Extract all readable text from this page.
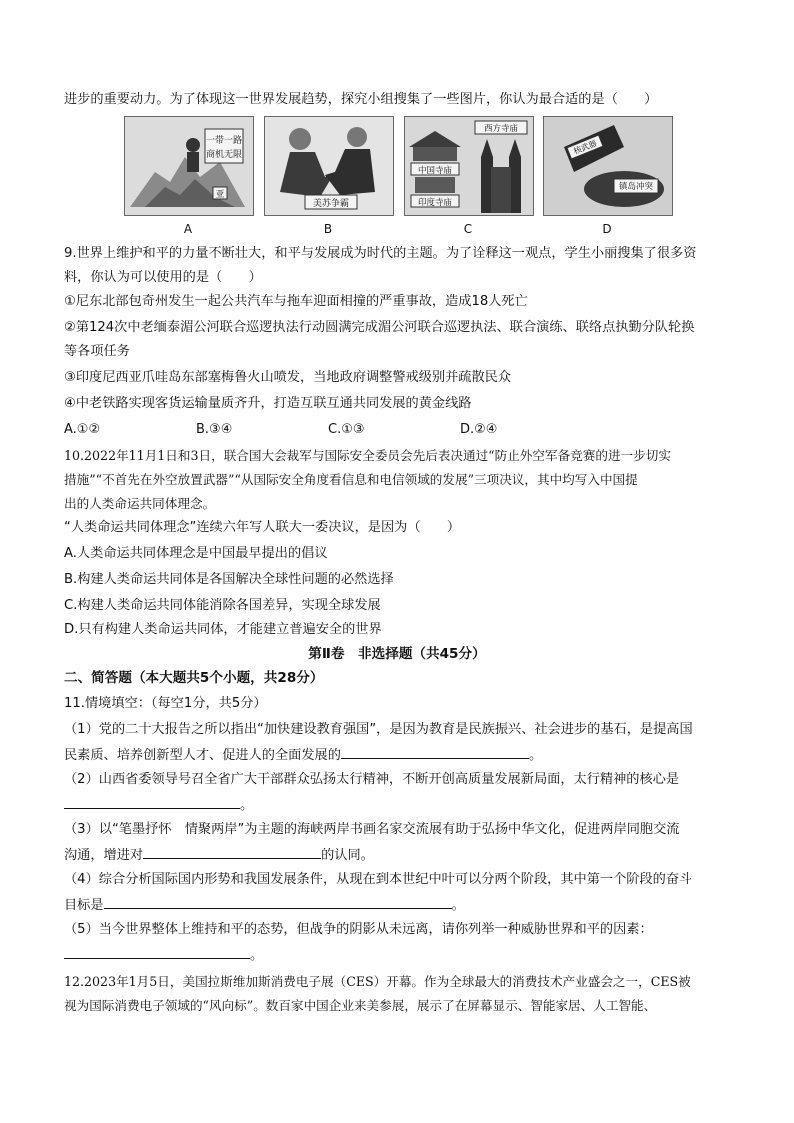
进步的重要动力。为了体现这一世界发展趋势，探究小组搜集了一些图片，你认为最合适的是（　　）
一带一路
商机无限
亚
A
美苏争霸
B
中国寺庙
印度寺庙
西方寺庙
C
核武器
镇岛冲突
D
9.世界上维护和平的力量不断壮大，和平与发展成为时代的主题。为了诠释这一观点，学生小丽搜集了很多资
料，你认为可以使用的是（　　）
①尼东北部包奇州发生一起公共汽车与拖车迎面相撞的严重事故，造成18人死亡
②第124次中老缅泰湄公河联合巡逻执法行动圆满完成湄公河联合巡逻执法、联合演练、联络点执勤分队轮换
等各项任务
③印度尼西亚爪哇岛东部塞梅鲁火山喷发，当地政府调整警戒级别并疏散民众
④中老铁路实现客货运输量质齐升，打造互联互通共同发展的黄金线路
A.①②	B.③④	C.①③	D.②④
10.2022年11月1日和3日，联合国大会裁军与国际安全委员会先后表决通过“防止外空军备竞赛的进一步切实
措施”“不首先在外空放置武器”“从国际安全角度看信息和电信领域的发展”三项决议，其中均写入中国提
出的人类命运共同体理念。
“人类命运共同体理念”连续六年写人联大一委决议，是因为（　　）
A.人类命运共同体理念是中国最早提出的倡议
B.构建人类命运共同体是各国解决全球性问题的必然选择
C.构建人类命运共同体能消除各国差异，实现全球发展
D.只有构建人类命运共同体，才能建立普遍安全的世界
第Ⅱ卷　非选择题（共45分）
二、简答题（本大题共5个小题，共28分）
11.情境填空：（每空1分，共5分）
（1）党的二十大报告之所以指出“加快建设教育强国”，是因为教育是民族振兴、社会进步的基石，是提高国
民素质、培养创新型人才、促进人的全面发展的	。
（2）山西省委领导号召全省广大干部群众弘扬太行精神，不断开创高质量发展新局面，太行精神的核心是
。
（3）以“笔墨抒怀　情聚两岸”为主题的海峡两岸书画名家交流展有助于弘扬中华文化，促进两岸同胞交流
沟通，增进对	的认同。
（4）综合分析国际国内形势和我国发展条件，从现在到本世纪中叶可以分两个阶段，其中第一个阶段的奋斗
目标是	。
（5）当今世界整体上维持和平的态势，但战争的阴影从未远离，请你列举一种威胁世界和平的因素：
。
12.2023年1月5日，美国拉斯维加斯消费电子展（CES）开幕。作为全球最大的消费技术产业盛会之一，CES被
视为国际消费电子领域的“风向标”。数百家中国企业来美参展，展示了在屏幕显示、智能家居、人工智能、
